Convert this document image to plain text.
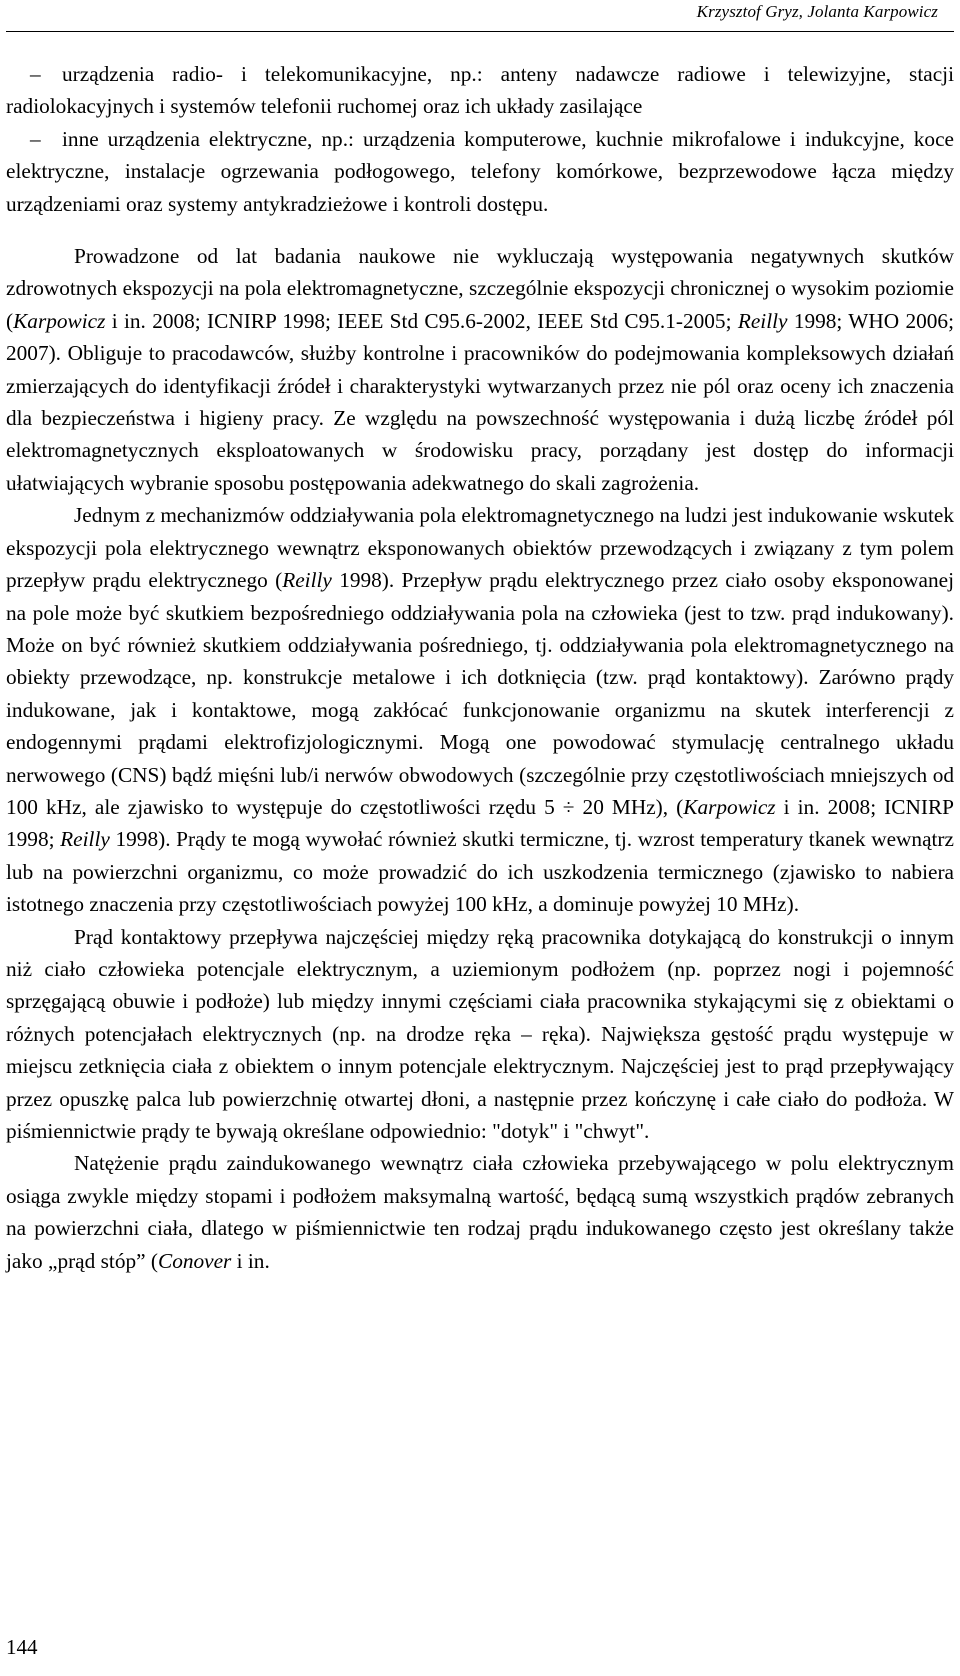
Krzysztof Gryz, Jolanta Karpowicz

– urządzenia radio- i telekomunikacyjne, np.: anteny nadawcze radiowe i telewizyjne, stacji radiolokacyjnych i systemów telefonii ruchomej oraz ich układy zasilające

– inne urządzenia elektryczne, np.: urządzenia komputerowe, kuchnie mikrofalowe i indukcyjne, koce elektryczne, instalacje ogrzewania podłogowego, telefony komórkowe, bezprzewodowe łącza między urządzeniami oraz systemy antykradzieżowe i kontroli dostępu.

Prowadzone od lat badania naukowe nie wykluczają występowania negatywnych skutków zdrowotnych ekspozycji na pola elektromagnetyczne, szczególnie ekspozycji chronicznej o wysokim poziomie (Karpowicz i in. 2008; ICNIRP 1998; IEEE Std C95.6-2002, IEEE Std C95.1-2005; Reilly 1998; WHO 2006; 2007). Obliguje to pracodawców, służby kontrolne i pracowników do podejmowania kompleksowych działań zmierzających do identyfikacji źródeł i charakterystyki wytwarzanych przez nie pól oraz oceny ich znaczenia dla bezpieczeństwa i higieny pracy. Ze względu na powszechność występowania i dużą liczbę źródeł pól elektromagnetycznych eksploatowanych w środowisku pracy, porządany jest dostęp do informacji ułatwiających wybranie sposobu postępowania adekwatnego do skali zagrożenia.

Jednym z mechanizmów oddziaływania pola elektromagnetycznego na ludzi jest indukowanie wskutek ekspozycji pola elektrycznego wewnątrz eksponowanych obiektów przewodzących i związany z tym polem przepływ prądu elektrycznego (Reilly 1998). Przepływ prądu elektrycznego przez ciało osoby eksponowanej na pole może być skutkiem bezpośredniego oddziaływania pola na człowieka (jest to tzw. prąd indukowany). Może on być również skutkiem oddziaływania pośredniego, tj. oddziaływania pola elektromagnetycznego na obiekty przewodzące, np. konstrukcje metalowe i ich dotknięcia (tzw. prąd kontaktowy). Zarówno prądy indukowane, jak i kontaktowe, mogą zakłócać funkcjonowanie organizmu na skutek interferencji z endogennymi prądami elektrofizjologicznymi. Mogą one powodować stymulację centralnego układu nerwowego (CNS) bądź mięśni lub/i nerwów obwodowych (szczególnie przy częstotliwościach mniejszych od 100 kHz, ale zjawisko to występuje do częstotliwości rzędu 5 ÷ 20 MHz), (Karpowicz i in. 2008; ICNIRP 1998; Reilly 1998). Prądy te mogą wywołać również skutki termiczne, tj. wzrost temperatury tkanek wewnątrz lub na powierzchni organizmu, co może prowadzić do ich uszkodzenia termicznego (zjawisko to nabiera istotnego znaczenia przy częstotliwościach powyżej 100 kHz, a dominuje powyżej 10 MHz).

Prąd kontaktowy przepływa najczęściej między ręką pracownika dotykającą do konstrukcji o innym niż ciało człowieka potencjale elektrycznym, a uziemionym podłożem (np. poprzez nogi i pojemność sprzęgającą obuwie i podłoże) lub między innymi częściami ciała pracownika stykającymi się z obiektami o różnych potencjałach elektrycznych (np. na drodze ręka – ręka). Największa gęstość prądu występuje w miejscu zetknięcia ciała z obiektem o innym potencjale elektrycznym. Najczęściej jest to prąd przepływający przez opuszkę palca lub powierzchnię otwartej dłoni, a następnie przez kończynę i całe ciało do podłoża. W piśmiennictwie prądy te bywają określane odpowiednio: "dotyk" i "chwyt".

Natężenie prądu zaindukowanego wewnątrz ciała człowieka przebywającego w polu elektrycznym osiąga zwykle między stopami i podłożem maksymalną wartość, będącą sumą wszystkich prądów zebranych na powierzchni ciała, dlatego w piśmiennictwie ten rodzaj prądu indukowanego często jest określany także jako „prąd stóp” (Conover i in.

144
